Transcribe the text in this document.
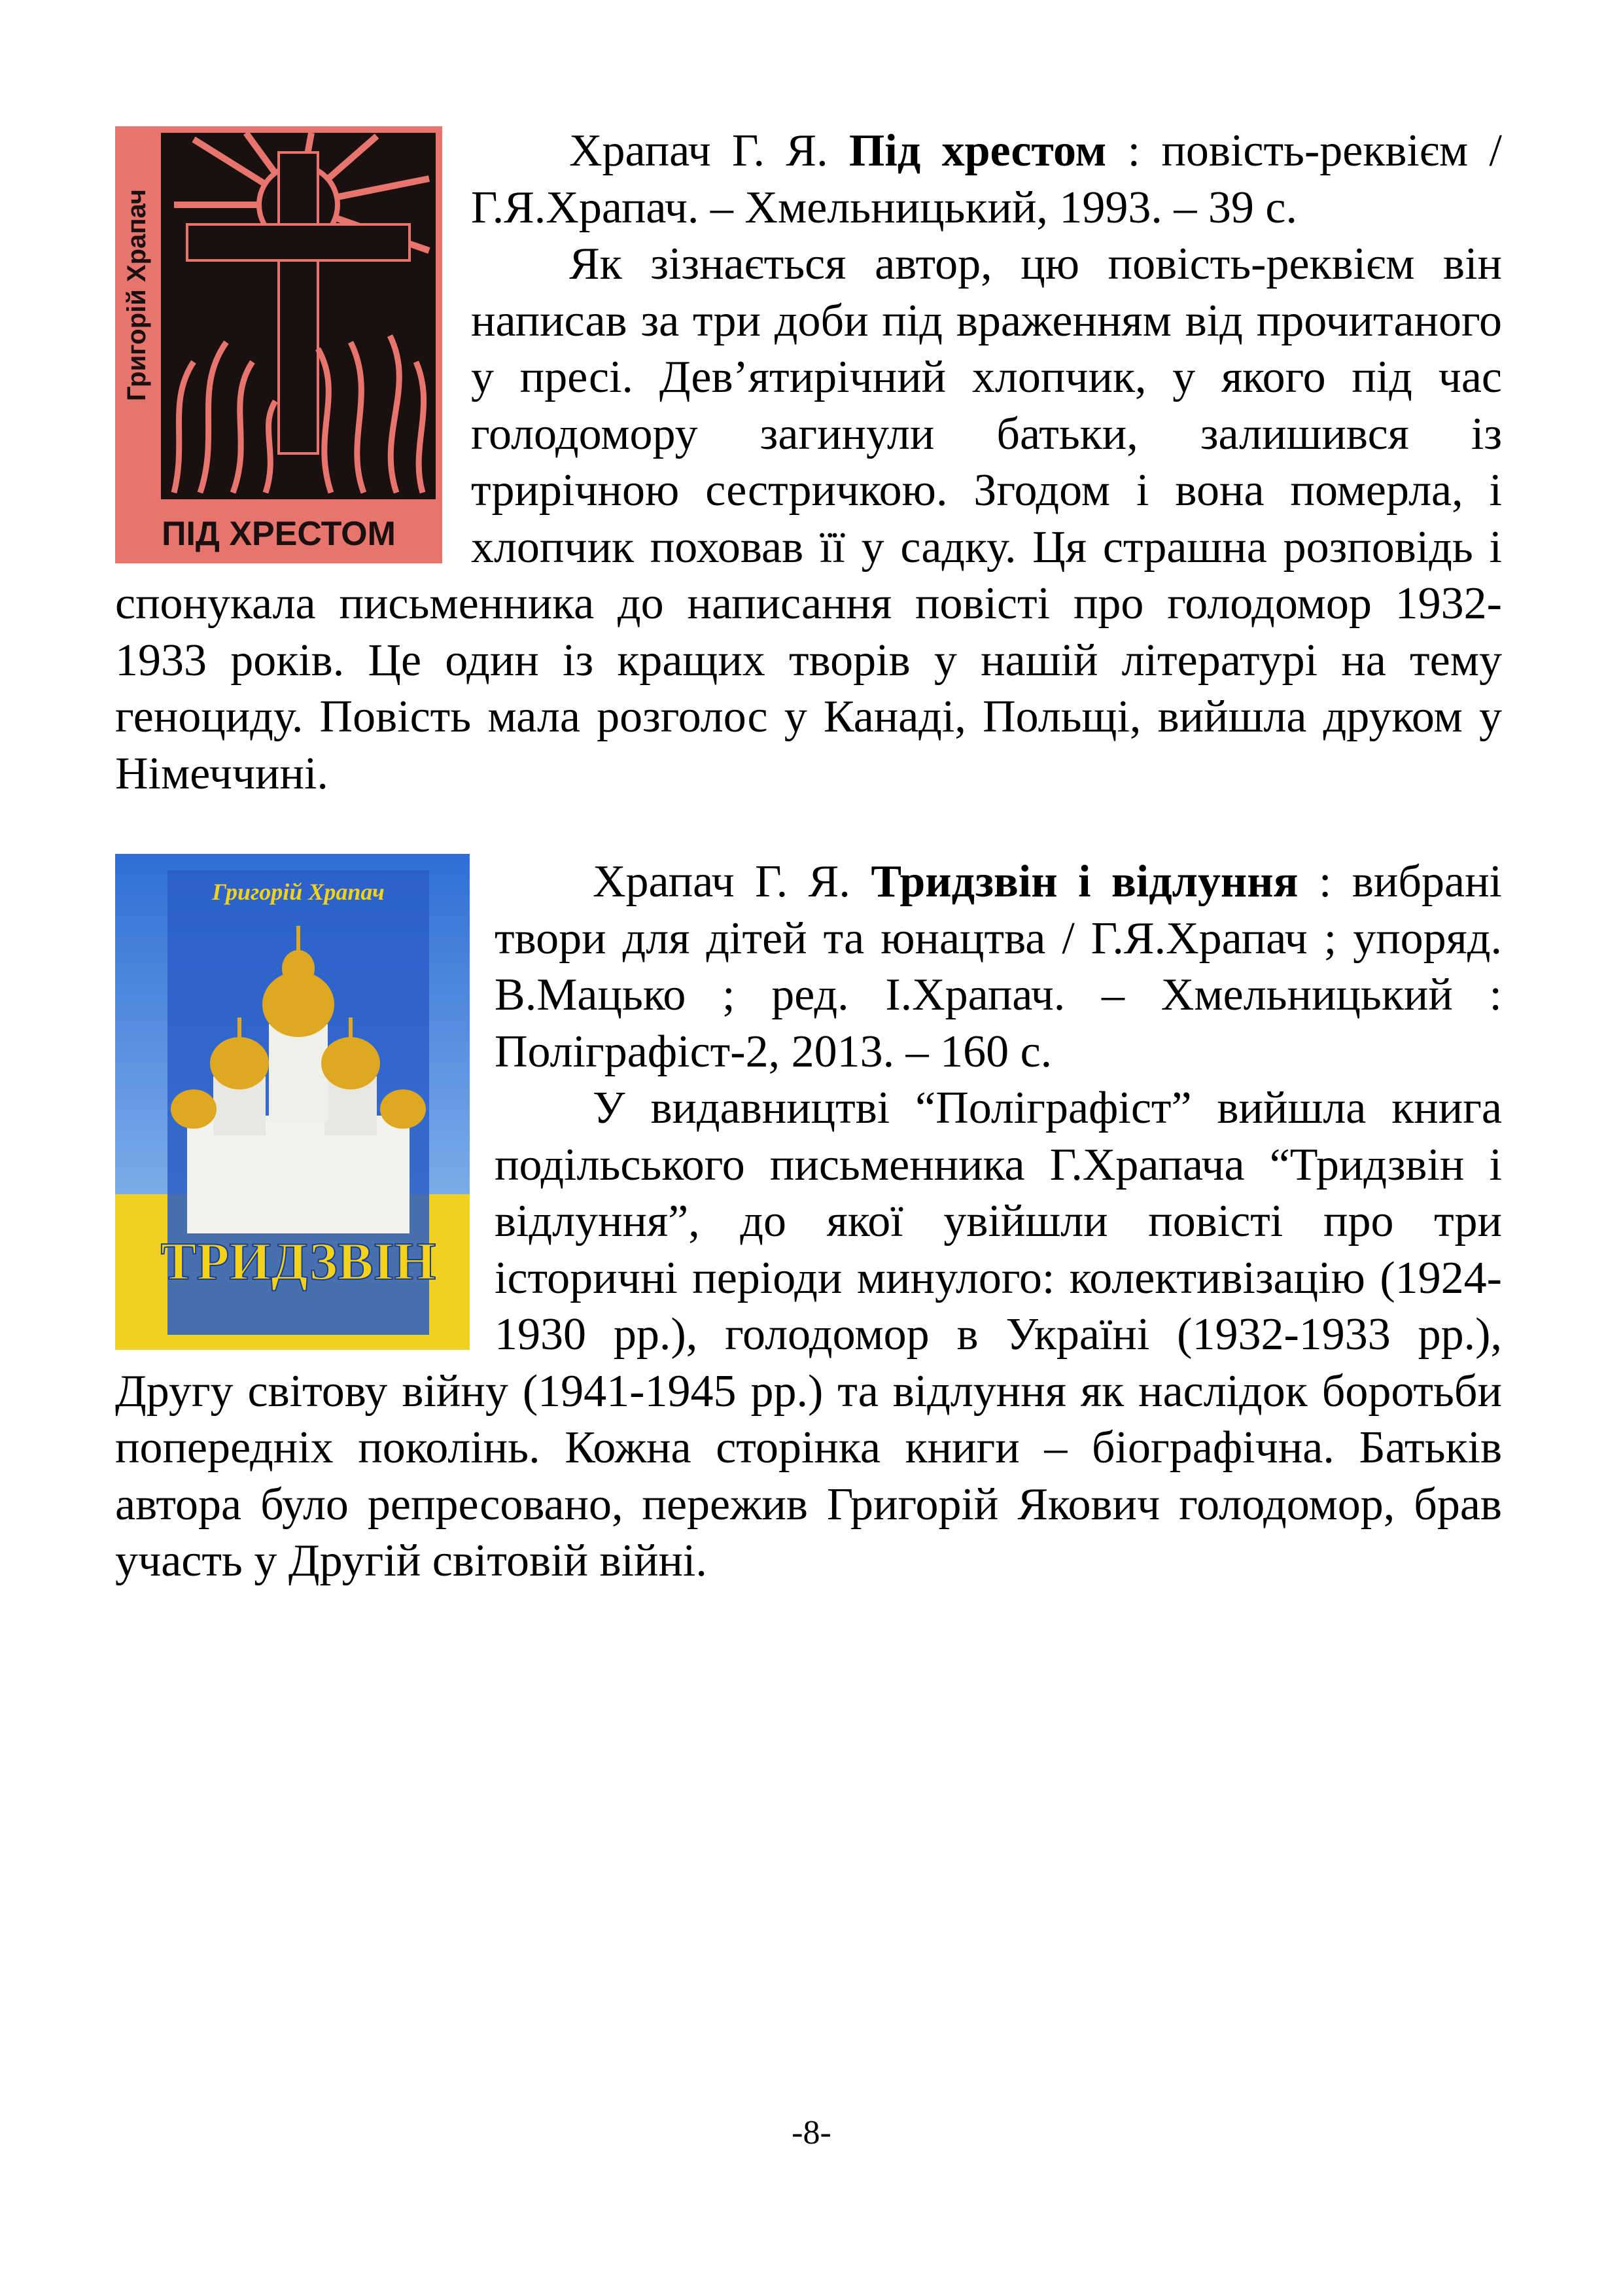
Григорій Храпач
ПІД ХРЕСТОМ

Храпач Г. Я. Під хрестом : повість-реквієм / Г.Я.Храпач. – Хмельницький, 1993. – 39 с.
Як зізнається автор, цю повість-реквієм він написав за три доби під враженням від прочитаного у пресі. Дев’ятирічний хлопчик, у якого під час голодомору загинули батьки, залишився із трирічною сестричкою. Згодом і вона померла, і хлопчик поховав її у садку. Ця страшна розповідь і спонукала письменника до написання повісті про голодомор 1932-1933 років. Це один із кращих творів у нашій літературі на тему геноциду. Повість мала розголос у Канаді, Польщі, вийшла друком у Німеччині.

Григорій Храпач
ТРИДЗВІН

Храпач Г. Я. Тридзвін і відлуння : вибрані твори для дітей та юнацтва / Г.Я.Храпач ; упоряд. В.Мацько ; ред. І.Храпач. – Хмельницький : Поліграфіст-2, 2013. – 160 с.
У видавництві “Поліграфіст” вийшла книга подільського письменника Г.Храпача “Тридзвін і відлуння”, до якої увійшли повісті про три історичні періоди минулого: колективізацію (1924-1930 рр.), голодомор в Україні (1932-1933 рр.), Другу світову війну (1941-1945 рр.) та відлуння як наслідок боротьби попередніх поколінь. Кожна сторінка книги – біографічна. Батьків автора було репресовано, пережив Григорій Якович голодомор, брав участь у Другій світовій війні.

-8-
